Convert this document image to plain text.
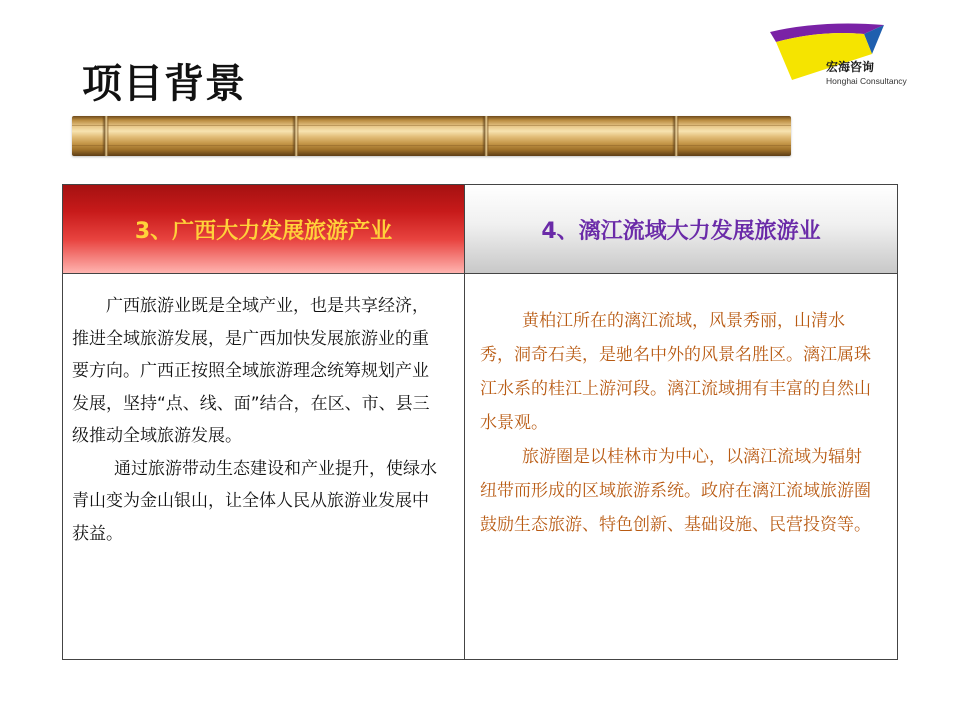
项目背景	宏海咨询
Honghai Consultancy
3、广西大力发展旅游产业	4、漓江流域大力发展旅游业

广西旅游业既是全域产业，也是共享经济，推进全域旅游发展，是广西加快发展旅游业的重要方向。广西正按照全域旅游理念统筹规划产业发展，坚持“点、线、面”结合，在区、市、县三级推动全域旅游发展。

通过旅游带动生态建设和产业提升，使绿水青山变为金山银山，让全体人民从旅游业发展中获益。

黄柏江所在的漓江流域，风景秀丽，山清水秀，洞奇石美，是驰名中外的风景名胜区。漓江属珠江水系的桂江上游河段。漓江流域拥有丰富的自然山水景观。

旅游圈是以桂林市为中心，以漓江流域为辐射纽带而形成的区域旅游系统。政府在漓江流域旅游圈鼓励生态旅游、特色创新、基础设施、民营投资等。
